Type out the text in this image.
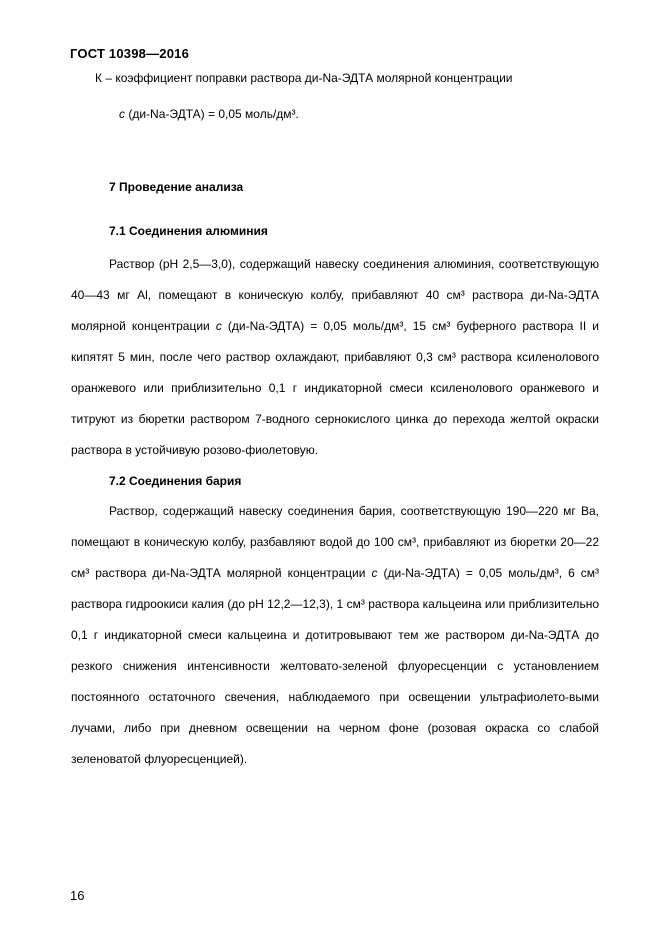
ГОСТ 10398—2016

К – коэффициент поправки раствора ди-Na-ЭДТА молярной концентрации

с (ди-Na-ЭДТА) = 0,05 моль/дм³.

7 Проведение анализа

7.1 Соединения алюминия

Раствор (рН 2,5—3,0), содержащий навеску соединения алюминия, соответствующую 40—43 мг Al, помещают в коническую колбу, прибавляют 40 см³ раствора ди-Na-ЭДТА молярной концентрации с (ди-Na-ЭДТА) = 0,05 моль/дм³, 15 см³ буферного раствора II и кипятят 5 мин, после чего раствор охлаждают, прибавляют 0,3 см³ раствора ксиленолового оранжевого или приблизительно 0,1 г индикаторной смеси ксиленолового оранжевого и титруют из бюретки раствором 7-водного сернокислого цинка до перехода желтой окраски раствора в устойчивую розово-фиолетовую.

7.2 Соединения бария

Раствор, содержащий навеску соединения бария, соответствующую 190—220 мг Ва, помещают в коническую колбу, разбавляют водой до 100 см³, прибавляют из бюретки 20—22 см³ раствора ди-Na-ЭДТА молярной концентрации с (ди-Na-ЭДТА) = 0,05 моль/дм³, 6 см³ раствора гидроокиси калия (до рН 12,2—12,3), 1 см³ раствора кальцеина или приблизительно 0,1 г индикаторной смеси кальцеина и дотитровывают тем же раствором ди-Na-ЭДТА до резкого снижения интенсивности желтовато-зеленой флуоресценции с установлением постоянного остаточного свечения, наблюдаемого при освещении ультрафиолето-выми лучами, либо при дневном освещении на черном фоне (розовая окраска со слабой зеленоватой флуоресценцией).

16
